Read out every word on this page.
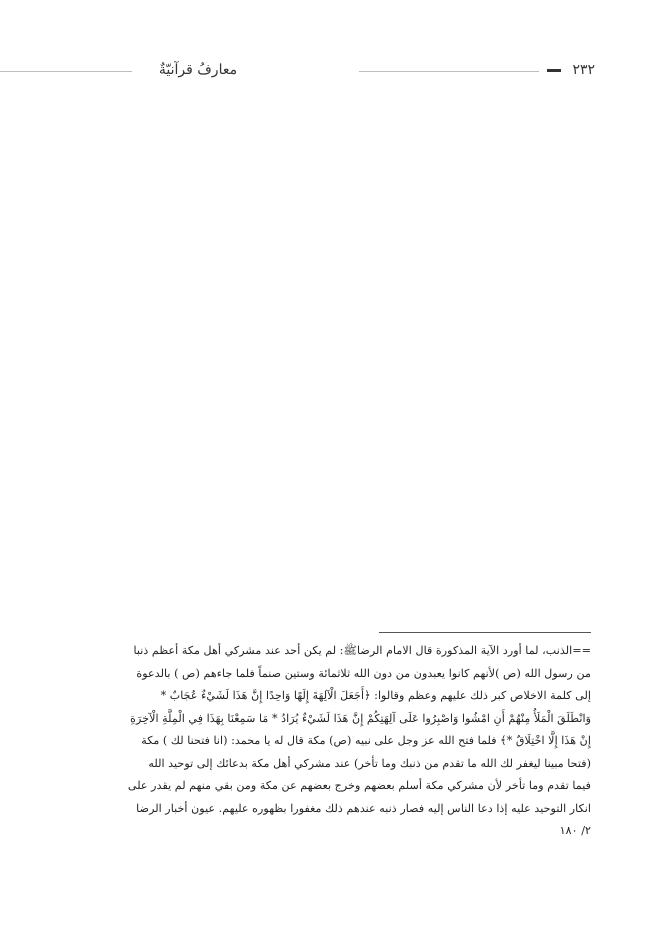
٢٣٢
معارفُ قرآنيّةٌ
==الذنب، لما أورد الآية المذكورة قال الامام الرضاﷺ: لم يكن أحد عند مشركي أهل مكة أعظم ذنبا
من رسول الله (ص )لأنهم كانوا يعبدون من دون الله ثلاثمائة وستين صنماً فلما جاءهم (ص ) بالدعوة
إلى كلمة الاخلاص كبر ذلك عليهم وعظم وقالوا: ﴿أَجَعَلَ الْآلِهَةَ إِلَهًا وَاحِدًا إِنَّ هَذَا لَشَيْءٌ عُجَابٌ *
وَانْطَلَقَ الْمَلَأُ مِنْهُمْ أَنِ امْشُوا وَاصْبِرُوا عَلَى آلِهَتِكُمْ إِنَّ هَذَا لَشَيْءٌ يُرَادُ * مَا سَمِعْنَا بِهَذَا فِي الْمِلَّةِ الْآخِرَةِ
إِنْ هَذَا إِلَّا اخْتِلَاقٌ *﴾ فلما فتح الله عز وجل على نبيه (ص) مكة قال له يا محمد: (انا فتحنا لك ) مكة
(فتحا مبينا ليغفر لك الله ما تقدم من ذنبك وما تأخر) عند مشركي أهل مكة بدعائك إلى توحيد الله
فيما تقدم وما تأخر لأن مشركي مكة أسلم بعضهم وخرج بعضهم عن مكة ومن بقي منهم لم يقدر على
انكار التوحيد عليه إذا دعا الناس إليه فصار ذنبه عندهم ذلك مغفورا بظهوره عليهم. عيون أخبار الرضا
٢/ ١٨٠
